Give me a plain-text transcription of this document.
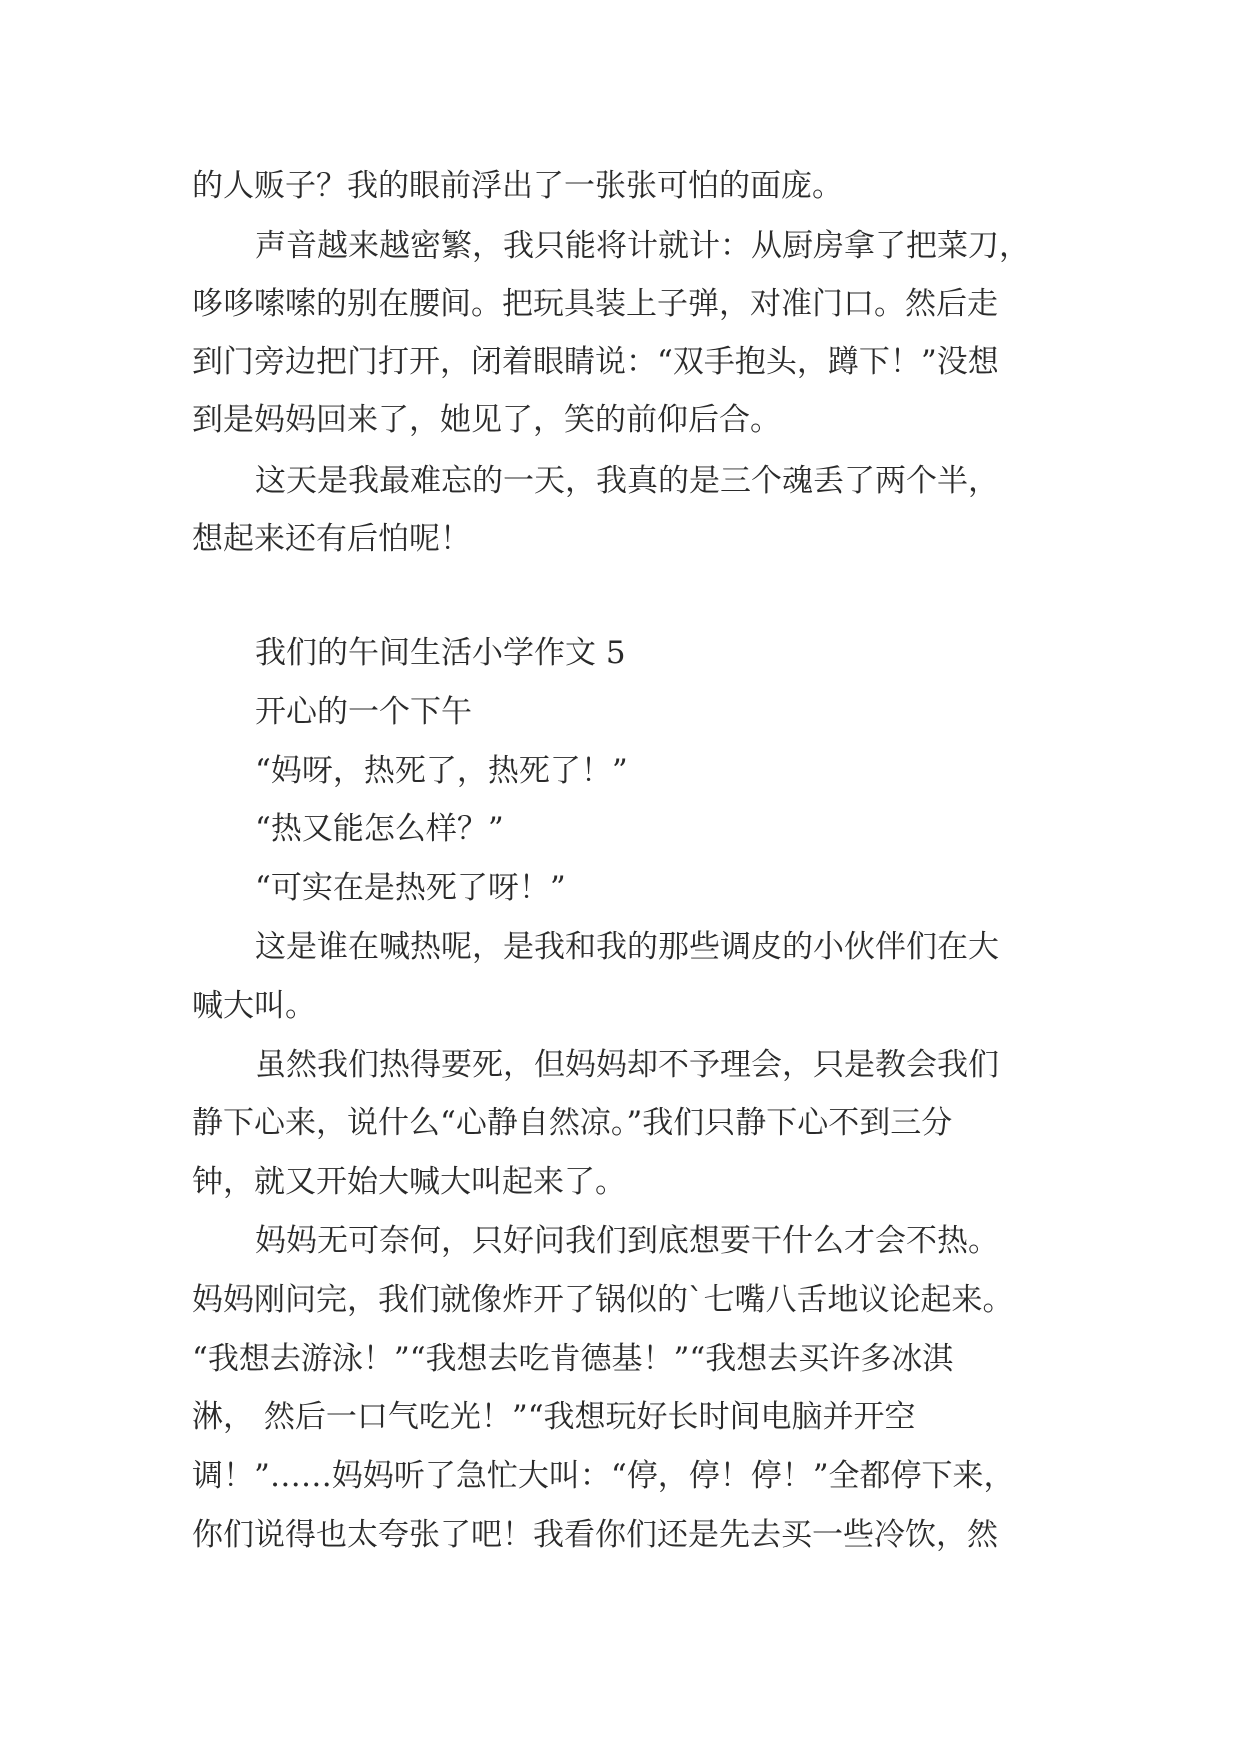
的人贩子？我的眼前浮出了一张张可怕的面庞。
声音越来越密繁，我只能将计就计：从厨房拿了把菜刀，
哆哆嗦嗦的别在腰间。把玩具装上子弹，对准门口。然后走
到门旁边把门打开，闭着眼睛说：“双手抱头，蹲下！”没想
到是妈妈回来了，她见了，笑的前仰后合。
这天是我最难忘的一天，我真的是三个魂丢了两个半，
想起来还有后怕呢！
我们的午间生活小学作文 5
开心的一个下午
“妈呀，热死了，热死了！”
“热又能怎么样？”
“可实在是热死了呀！”
这是谁在喊热呢，是我和我的那些调皮的小伙伴们在大
喊大叫。
虽然我们热得要死，但妈妈却不予理会，只是教会我们
静下心来，说什么“心静自然凉。”我们只静下心不到三分
钟，就又开始大喊大叫起来了。
妈妈无可奈何，只好问我们到底想要干什么才会不热。
妈妈刚问完，我们就像炸开了锅似的`七嘴八舌地议论起来。
“我想去游泳！”“我想去吃肯德基！”“我想去买许多冰淇
淋， 然后一口气吃光！”“我想玩好长时间电脑并开空
调！”……妈妈听了急忙大叫：“停，停！停！”全都停下来，
你们说得也太夸张了吧！我看你们还是先去买一些冷饮，然
